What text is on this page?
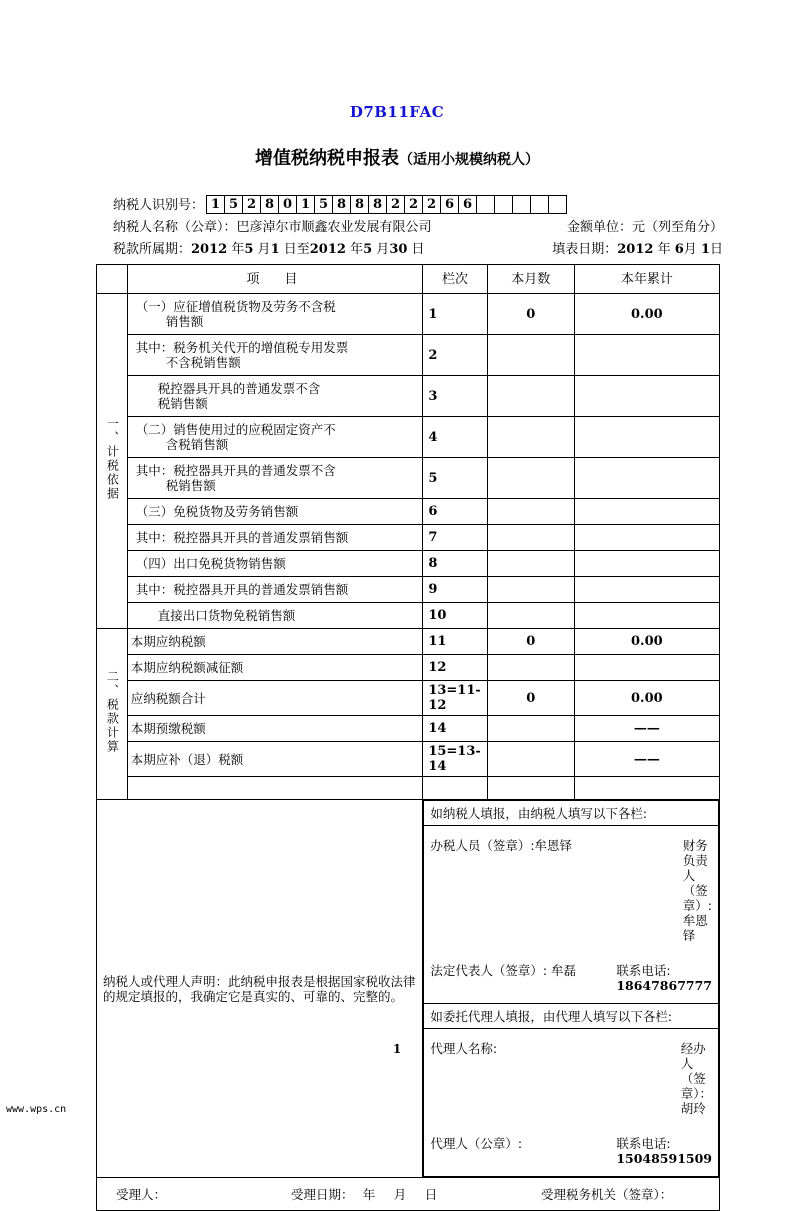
D7B11FAC
增值税纳税申报表（适用小规模纳税人）
纳税人识别号： 1 5 2 8 0 1 5 8 8 8 2 2 2 6 6
纳税人名称（公章）：巴彦淖尔市顺鑫农业发展有限公司	金额单位：元（列至角分）
税款所属期：2012 年5 月1 日至2012 年5 月30 日	填表日期：2012 年 6月 1日
	项　目	栏次	本月数	本年累计
一、计税依据	
（一）应征增值税货物及劳务不含税
销售额	1	0	0.00

其中：税务机关代开的增值税专用发票
不含税销售额	2		

税控器具开具的普通发票不含
税销售额	3		

（二）销售使用过的应税固定资产不
含税销售额	4		

其中：税控器具开具的普通发票不含
税销售额	5		

（三）免税货物及劳务销售额	6		

其中：税控器具开具的普通发票销售额	7		

（四）出口免税货物销售额	8		

其中：税控器具开具的普通发票销售额	9		

直接出口货物免税销售额	10		
二、税款计算	
本期应纳税额	11	0	0.00

本期应纳税额减征额	12		

应纳税额合计	13=11-12	0	0.00

本期预缴税额	14		——

本期应补（退）税额	15=13-14		——

纳税人或代理人声明：此纳税申报表是根据国家税收法律的规定填报的，我确定它是真实的、可靠的、完整的。	
如纳税人填报，由纳税人填写以下各栏:

办税人员（签章）:牟恩铎	财务负责人（签章）: 牟恩铎
法定代表人（签章）: 牟磊	联系电话: 18647867777

如委托代理人填报，由代理人填写以下各栏:

代理人名称:	经办人（签章）：胡玲
代理人（公章）:	联系电话: 15048591509

受理人：	受理日期：　年　月　日	受理税务机关（签章）：
1
www.wps.cn
